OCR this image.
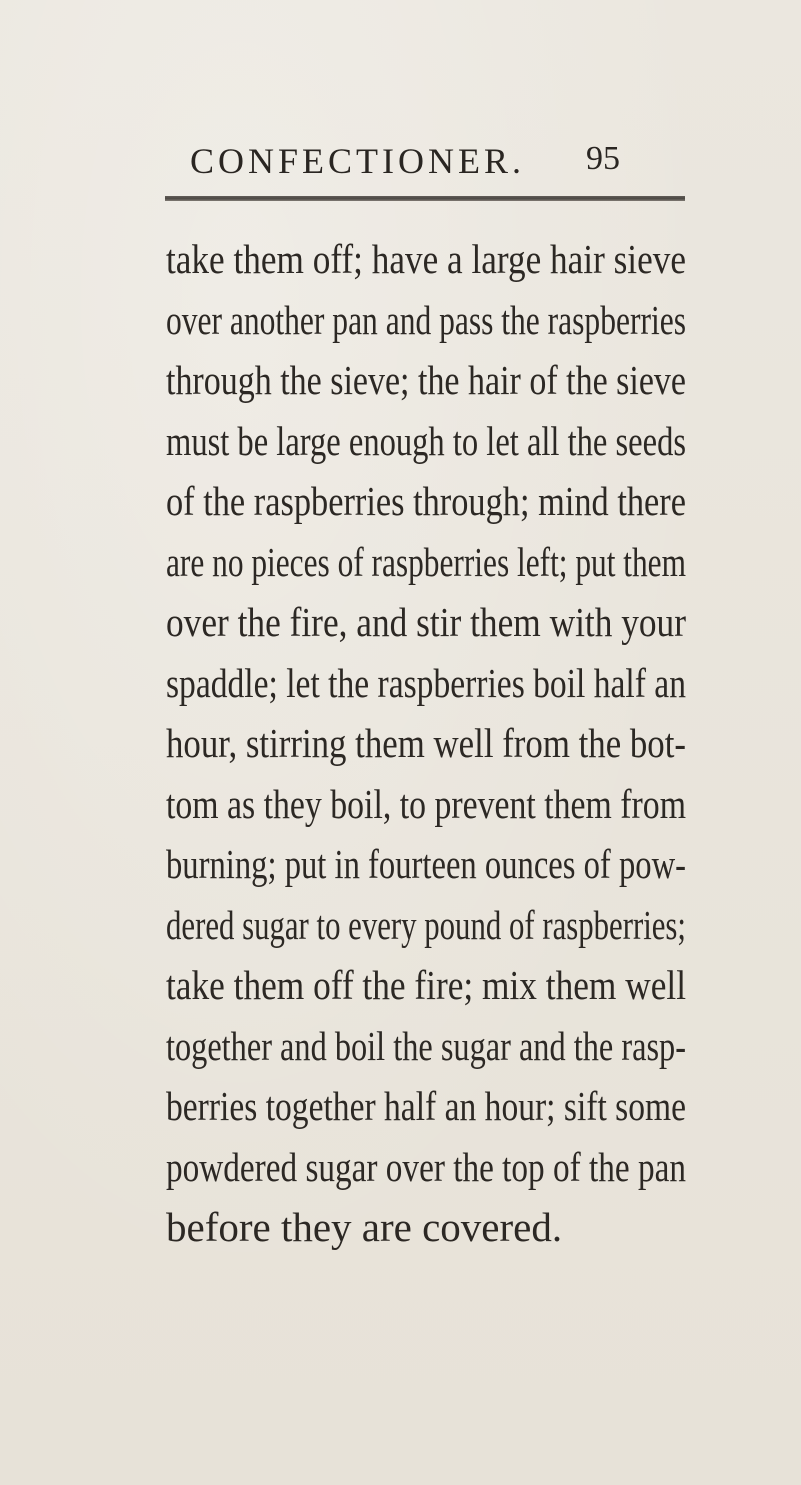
CONFECTIONER. 95
take them off; have a large hair sieve
over another pan and pass the raspberries
through the sieve; the hair of the sieve
must be large enough to let all the seeds
of the raspberries through; mind there
are no pieces of raspberries left; put them
over the fire, and stir them with your
spaddle; let the raspberries boil half an
hour, stirring them well from the bot-
tom as they boil, to prevent them from
burning; put in fourteen ounces of pow-
dered sugar to every pound of raspberries;
take them off the fire; mix them well
together and boil the sugar and the rasp-
berries together half an hour; sift some
powdered sugar over the top of the pan
before they are covered.
